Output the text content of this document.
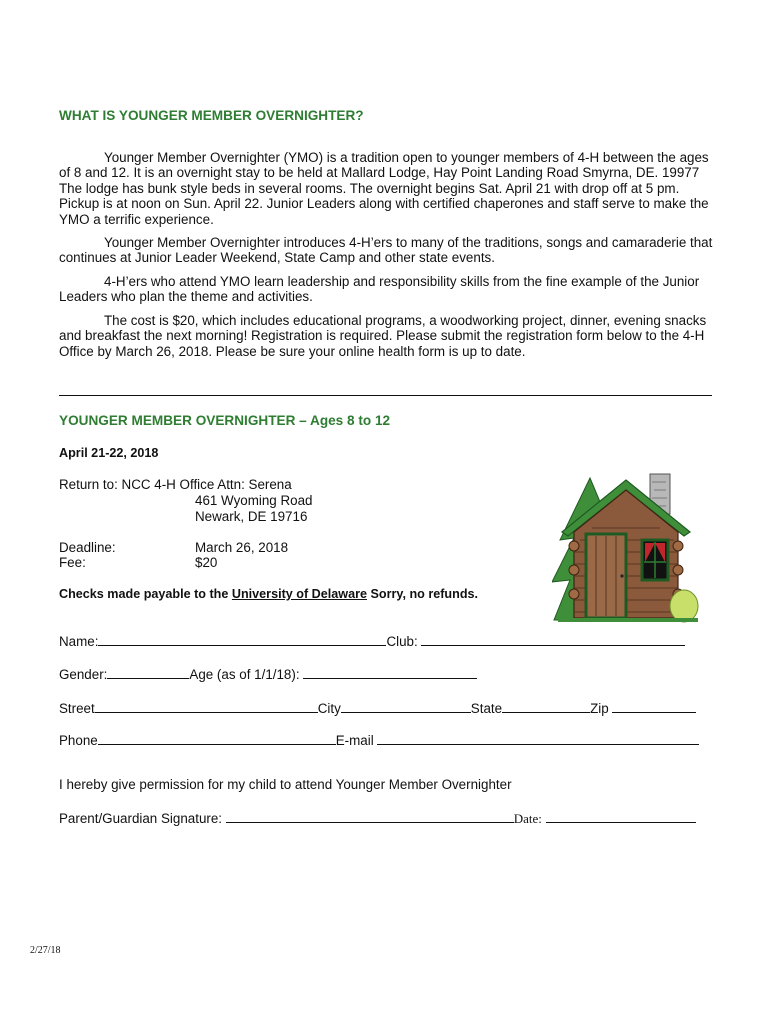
WHAT IS YOUNGER MEMBER OVERNIGHTER?

Younger Member Overnighter (YMO) is a tradition open to younger members of 4-H between the ages of 8 and 12. It is an overnight stay to be held at Mallard Lodge, Hay Point Landing Road Smyrna, DE. 19977 The lodge has bunk style beds in several rooms. The overnight begins Sat. April 21 with drop off at 5 pm. Pickup is at noon on Sun. April 22. Junior Leaders along with certified chaperones and staff serve to make the YMO a terrific experience.

Younger Member Overnighter introduces 4-H’ers to many of the traditions, songs and camaraderie that continues at Junior Leader Weekend, State Camp and other state events.

4-H’ers who attend YMO learn leadership and responsibility skills from the fine example of the Junior Leaders who plan the theme and activities.

The cost is $20, which includes educational programs, a woodworking project, dinner, evening snacks and breakfast the next morning! Registration is required. Please submit the registration form below to the 4-H Office by March 26, 2018. Please be sure your online health form is up to date.

YOUNGER MEMBER OVERNIGHTER – Ages 8 to 12
April 21-22, 2018
Return to: NCC 4-H Office Attn: Serena
461 Wyoming Road
Newark, DE 19716
Deadline:	March 26, 2018
Fee:	$20
Checks made payable to the University of Delaware Sorry, no refunds.
Name:	Club:
Gender:	Age (as of 1/1/18):
Street	City	State	Zip
Phone	E-mail
I hereby give permission for my child to attend Younger Member Overnighter
Parent/Guardian Signature:	Date:
2/27/18
